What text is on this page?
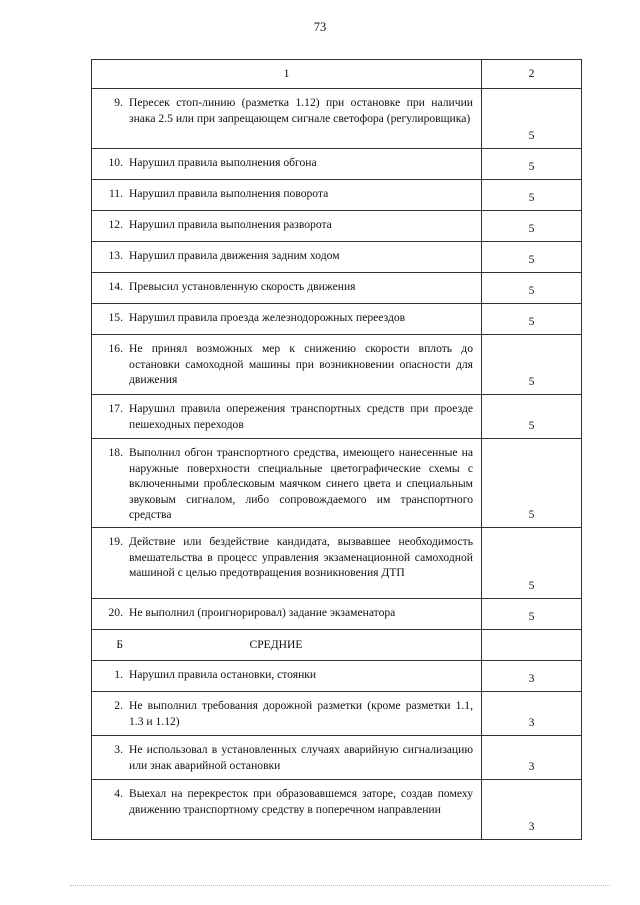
73
1	2

9. Пересек стоп-линию (разметка 1.12) при остановке при наличии знака 2.5 или при запрещающем сигнале светофора (регулировщика)	5

10. Нарушил правила выполнения обгона	5

11. Нарушил правила выполнения поворота	5

12. Нарушил правила выполнения разворота	5

13. Нарушил правила движения задним ходом	5

14. Превысил установленную скорость движения	5

15. Нарушил правила проезда железнодорожных переездов	5

16. Не принял возможных мер к снижению скорости вплоть до остановки самоходной машины при возникновении опасности для движения	5

17. Нарушил правила опережения транспортных средств при проезде пешеходных переходов	5

18. Выполнил обгон транспортного средства, имеющего нанесенные на наружные поверхности специальные цветографические схемы с включенными проблесковым маячком синего цвета и специальным звуковым сигналом, либо сопровождаемого им транспортного средства	5

19. Действие или бездействие кандидата, вызвавшее необходимость вмешательства в процесс управления экзаменационной самоходной машиной с целью предотвращения возникновения ДТП	5

20. Не выполнил (проигнорировал) задание экзаменатора	5

Б СРЕДНИЕ	

1. Нарушил правила остановки, стоянки	3

2. Не выполнил требования дорожной разметки (кроме разметки 1.1, 1.3 и 1.12)	3

3. Не использовал в установленных случаях аварийную сигнализацию или знак аварийной остановки	3

4. Выехал на перекресток при образовавшемся заторе, создав помеху движению транспортному средству в поперечном направлении	3
